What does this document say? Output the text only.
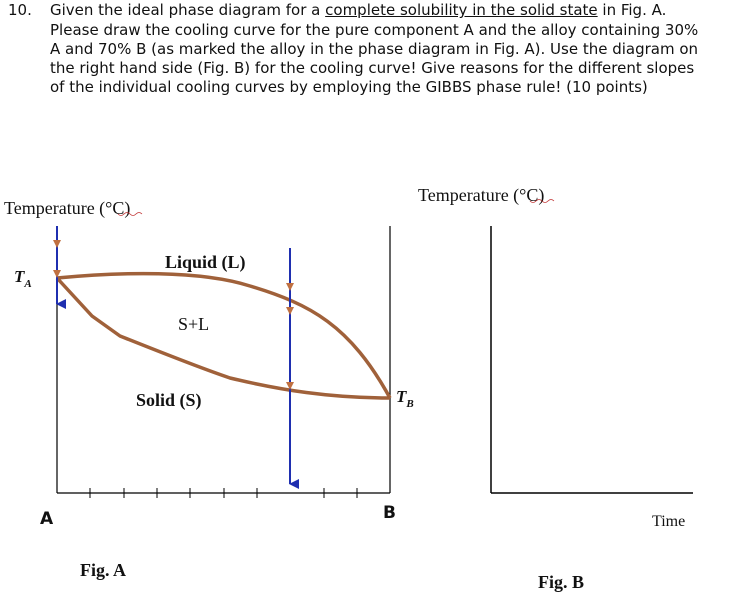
10. Given the ideal phase diagram for a complete solubility in the solid state in Fig. A.
Please draw the cooling curve for the pure component A and the alloy containing 30%
A and 70% B (as marked the alloy in the phase diagram in Fig. A). Use the diagram on
the right hand side (Fig. B) for the cooling curve! Give reasons for the different slopes
of the individual cooling curves by employing the GIBBS phase rule! (10 points)
Temperature (°C)
$T_A$
$T_B$
Liquid (L)
S+L
Solid (S)
A	B
Fig. A
Temperature (°C)
Time
Fig. B
